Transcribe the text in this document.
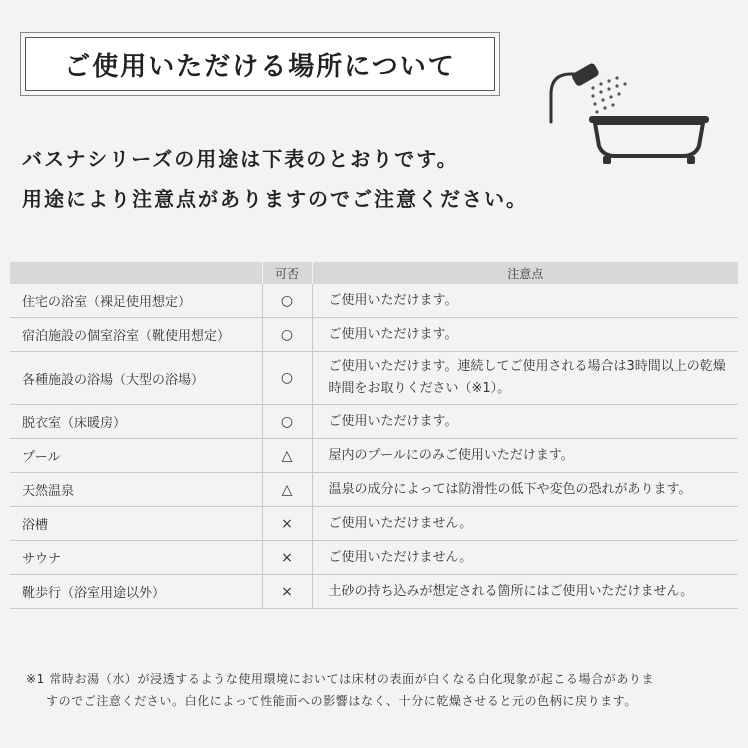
ご使用いただける場所について
バスナシリーズの用途は下表のとおりです。
用途により注意点がありますのでご注意ください。
	可否	注意点
住宅の浴室（裸足使用想定）	○	ご使用いただけます。
宿泊施設の個室浴室（靴使用想定）	○	ご使用いただけます。
各種施設の浴場（大型の浴場）	○	ご使用いただけます。連続してご使用される場合は3時間以上の乾燥時間をお取りください（※1）。
脱衣室（床暖房）	○	ご使用いただけます。
プール	△	屋内のプールにのみご使用いただけます。
天然温泉	△	温泉の成分によっては防滑性の低下や変色の恐れがあります。
浴槽	×	ご使用いただけません。
サウナ	×	ご使用いただけません。
靴歩行（浴室用途以外）	×	土砂の持ち込みが想定される箇所にはご使用いただけません。
※1 常時お湯（水）が浸透するような使用環境においては床材の表面が白くなる白化現象が起こる場合がありま
すのでご注意ください。白化によって性能面への影響はなく、十分に乾燥させると元の色柄に戻ります。
